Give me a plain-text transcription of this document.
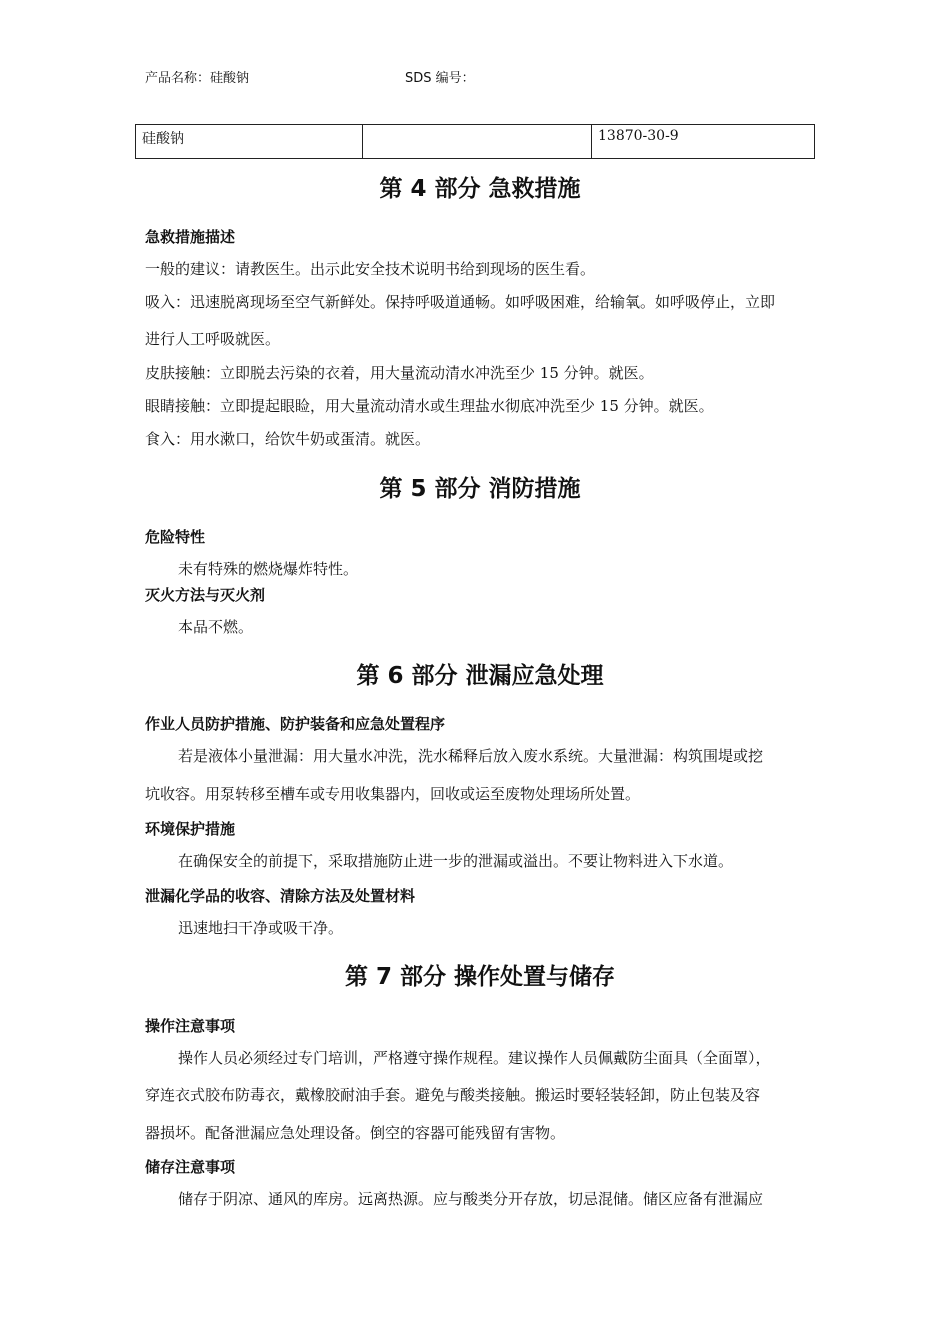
产品名称：硅酸钠	SDS 编号：
硅酸钠		13870-30-9
第 4 部分 急救措施
急救措施描述
一般的建议：请教医生。出示此安全技术说明书给到现场的医生看。
吸入：迅速脱离现场至空气新鲜处。保持呼吸道通畅。如呼吸困难，给输氧。如呼吸停止，立即
进行人工呼吸就医。
皮肤接触：立即脱去污染的衣着，用大量流动清水冲洗至少 15 分钟。就医。
眼睛接触：立即提起眼睑，用大量流动清水或生理盐水彻底冲洗至少 15 分钟。就医。
食入：用水漱口，给饮牛奶或蛋清。就医。
第 5 部分 消防措施
危险特性
未有特殊的燃烧爆炸特性。
灭火方法与灭火剂
本品不燃。
第 6 部分 泄漏应急处理
作业人员防护措施、防护装备和应急处置程序
若是液体小量泄漏：用大量水冲洗，洗水稀释后放入废水系统。大量泄漏：构筑围堤或挖
坑收容。用泵转移至槽车或专用收集器内，回收或运至废物处理场所处置。
环境保护措施
在确保安全的前提下，采取措施防止进一步的泄漏或溢出。不要让物料进入下水道。
泄漏化学品的收容、清除方法及处置材料
迅速地扫干净或吸干净。
第 7 部分 操作处置与储存
操作注意事项
操作人员必须经过专门培训，严格遵守操作规程。建议操作人员佩戴防尘面具（全面罩），
穿连衣式胶布防毒衣，戴橡胶耐油手套。避免与酸类接触。搬运时要轻装轻卸，防止包装及容
器损坏。配备泄漏应急处理设备。倒空的容器可能残留有害物。
储存注意事项
储存于阴凉、通风的库房。远离热源。应与酸类分开存放，切忌混储。储区应备有泄漏应
